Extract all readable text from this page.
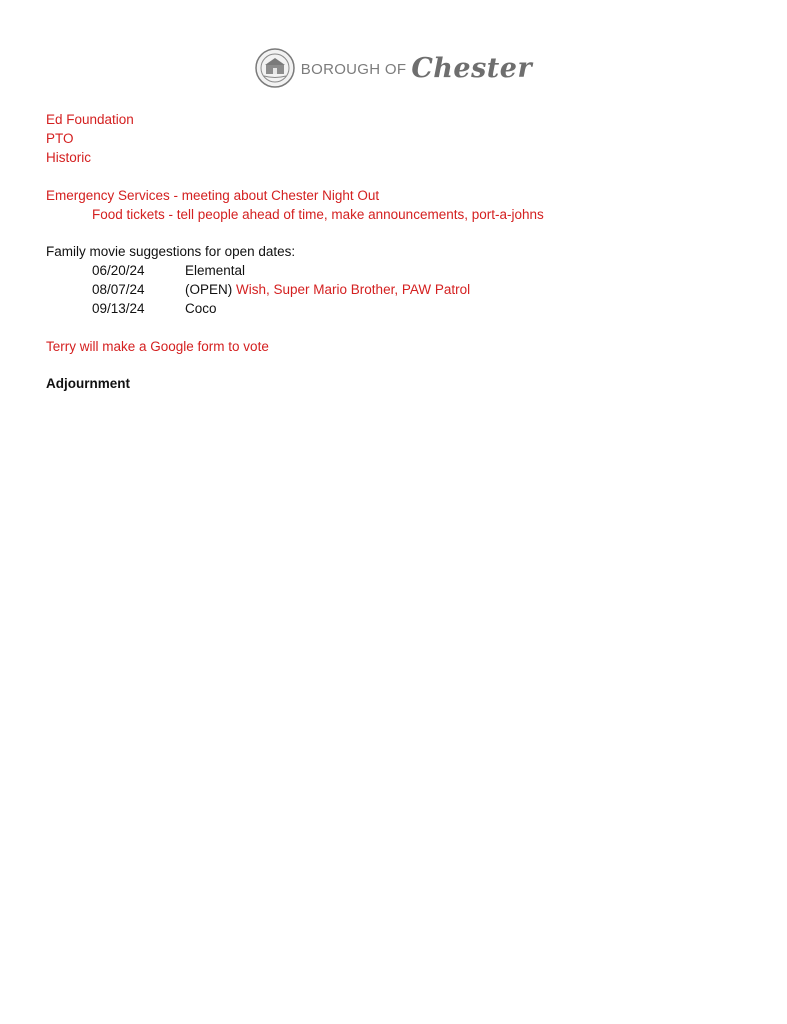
BOROUGH OF Chester
Ed Foundation
PTO
Historic
Emergency Services - meeting about Chester Night Out
Food tickets - tell people ahead of time, make announcements, port-a-johns
Family movie suggestions for open dates:
06/20/24	Elemental
08/07/24	(OPEN) Wish, Super Mario Brother, PAW Patrol
09/13/24	Coco
Terry will make a Google form to vote
Adjournment
